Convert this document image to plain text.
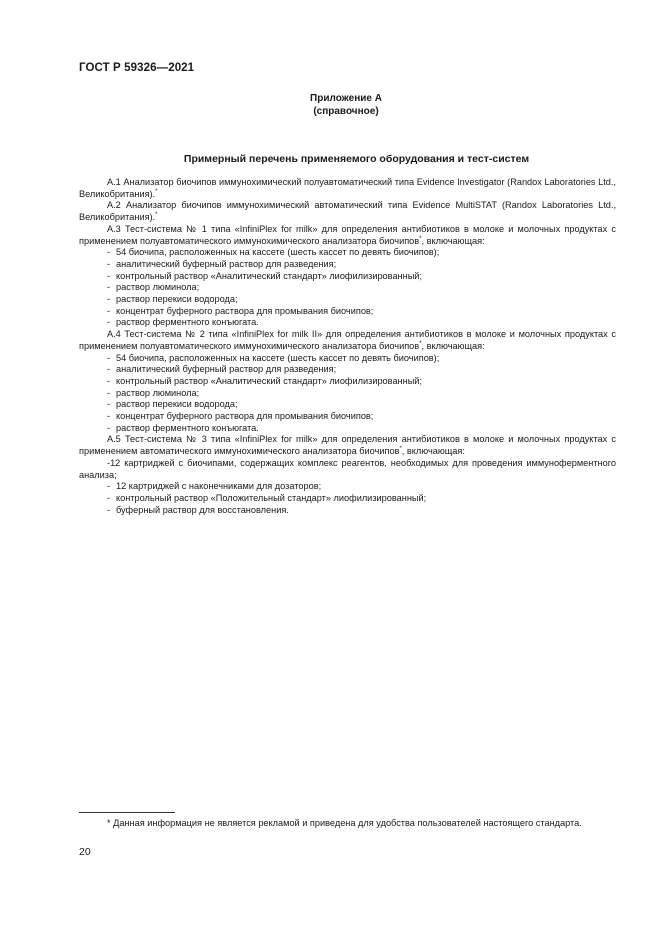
ГОСТ Р 59326—2021
Приложение А
(справочное)
Примерный перечень применяемого оборудования и тест-систем

А.1 Анализатор биочипов иммунохимический полуавтоматический типа Evidence Investigator (Randox Laboratories Ltd., Великобритания).*

А.2 Анализатор биочипов иммунохимический автоматический типа Evidence MultiSTAT (Randox Laboratories Ltd., Великобритания).*

А.3 Тест-система № 1 типа «InfiniPlex for milk» для определения антибиотиков в молоке и молочных продуктах с применением полуавтоматического иммунохимического анализатора биочипов*, включающая:

- 54 биочипа, расположенных на кассете (шесть кассет по девять биочипов);

- аналитический буферный раствор для разведения;

- контрольный раствор «Аналитический стандарт» лиофилизированный;

- раствор люминола;

- раствор перекиси водорода;

- концентрат буферного раствора для промывания биочипов;

- раствор ферментного конъюгата.

А.4 Тест-система № 2 типа «InfiniPlex for milk II» для определения антибиотиков в молоке и молочных продуктах с применением полуавтоматического иммунохимического анализатора биочипов*, включающая:

- 54 биочипа, расположенных на кассете (шесть кассет по девять биочипов);

- аналитический буферный раствор для разведения;

- контрольный раствор «Аналитический стандарт» лиофилизированный;

- раствор люминола;

- раствор перекиси водорода;

- концентрат буферного раствора для промывания биочипов;

- раствор ферментного конъюгата.

А.5 Тест-система № 3 типа «InfiniPlex for milk» для определения антибиотиков в молоке и молочных продуктах с применением автоматического иммунохимического анализатора биочипов*, включающая:

-12 картриджей с биочипами, содержащих комплекс реагентов, необходимых для проведения иммуноферментного анализа;

- 12 картриджей с наконечниками для дозаторов;

- контрольный раствор «Положительный стандарт» лиофилизированный;

- буферный раствор для восстановления.

* Данная информация не является рекламой и приведена для удобства пользователей настоящего стандарта.
20
